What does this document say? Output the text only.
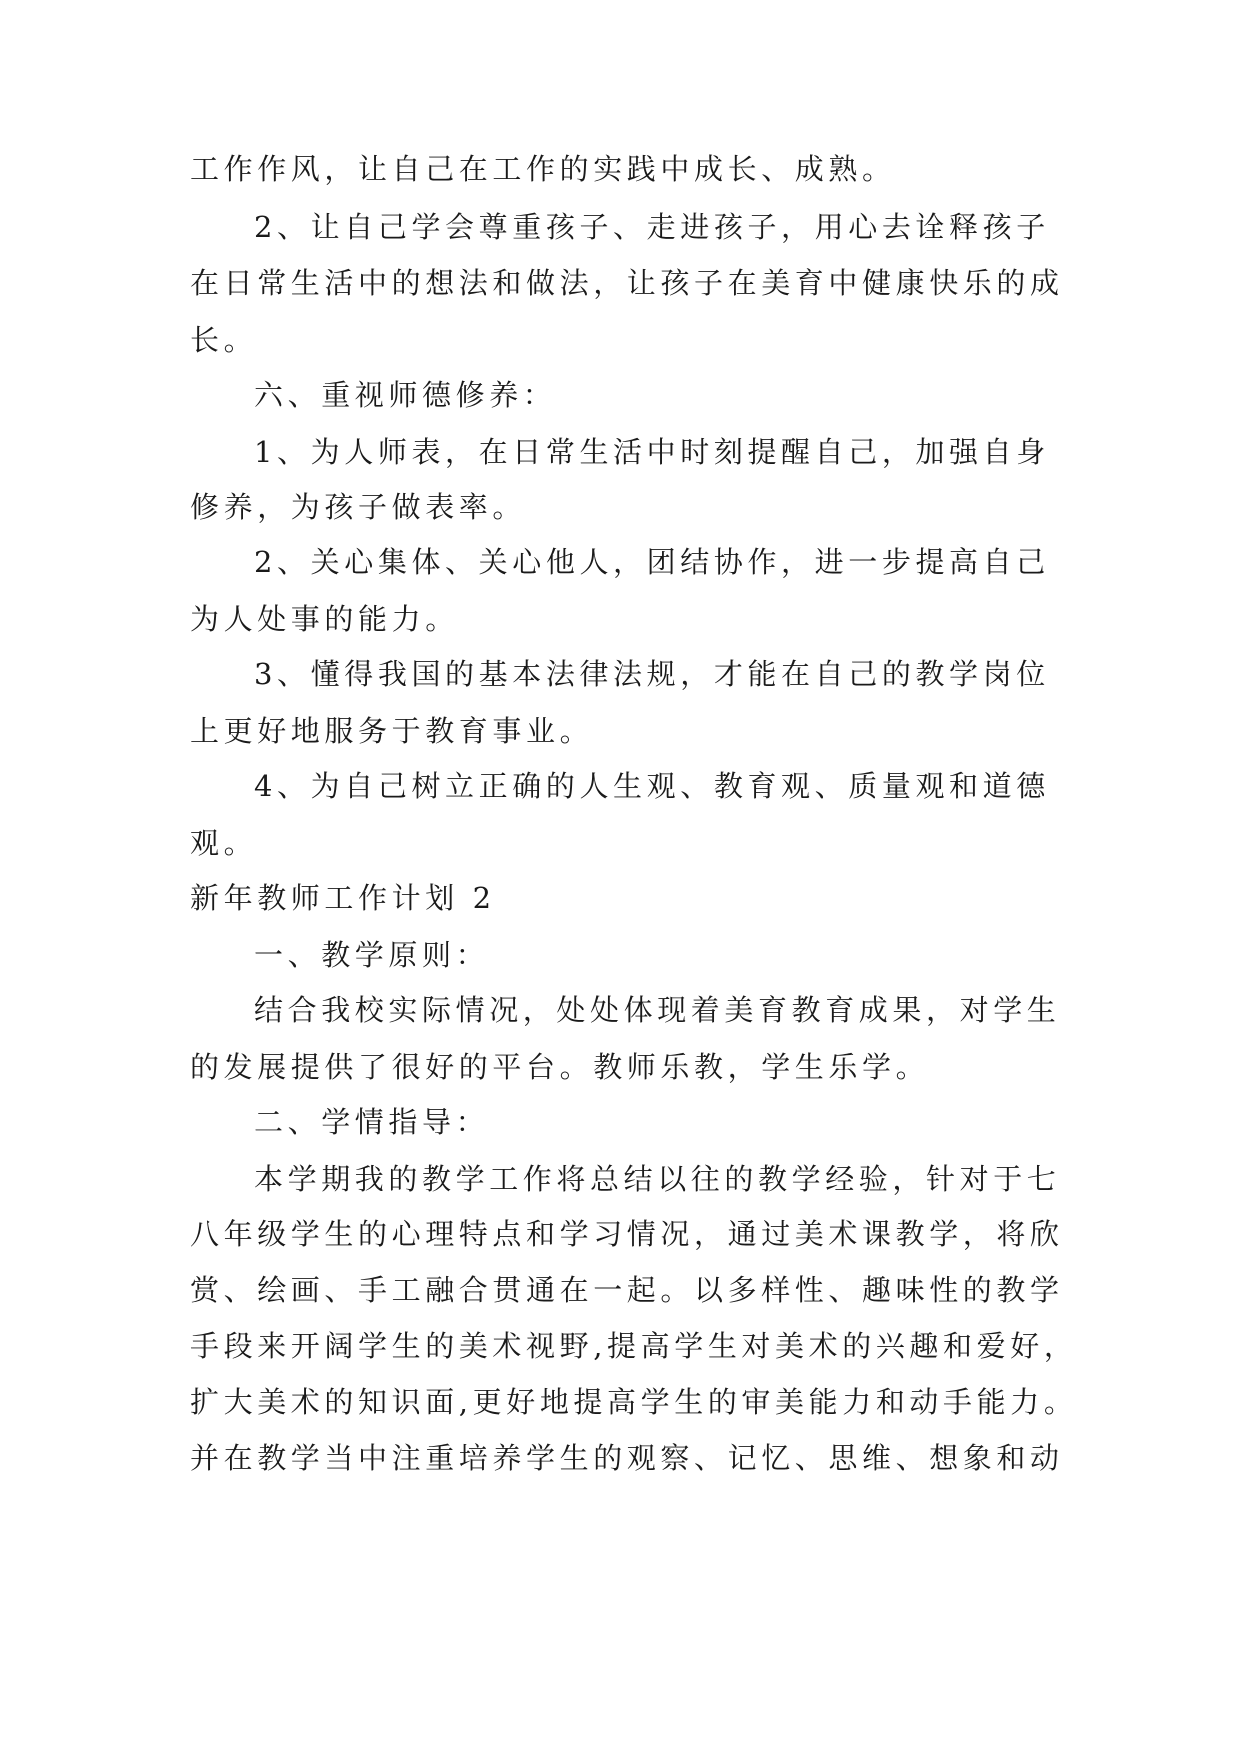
工作作风，让自己在工作的实践中成长、成熟。
2、让自己学会尊重孩子、走进孩子，用心去诠释孩子
在日常生活中的想法和做法，让孩子在美育中健康快乐的成
长。
六、重视师德修养：
1、为人师表，在日常生活中时刻提醒自己，加强自身
修养，为孩子做表率。
2、关心集体、关心他人，团结协作，进一步提高自己
为人处事的能力。
3、懂得我国的基本法律法规，才能在自己的教学岗位
上更好地服务于教育事业。
4、为自己树立正确的人生观、教育观、质量观和道德
观。
新年教师工作计划 2
一、教学原则：
结合我校实际情况，处处体现着美育教育成果，对学生
的发展提供了很好的平台。教师乐教，学生乐学。
二、学情指导：
本学期我的教学工作将总结以往的教学经验，针对于七
八年级学生的心理特点和学习情况，通过美术课教学，将欣
赏、绘画、手工融合贯通在一起。以多样性、趣味性的教学
手段来开阔学生的美术视野,提高学生对美术的兴趣和爱好，
扩大美术的知识面,更好地提高学生的审美能力和动手能力。
并在教学当中注重培养学生的观察、记忆、思维、想象和动
